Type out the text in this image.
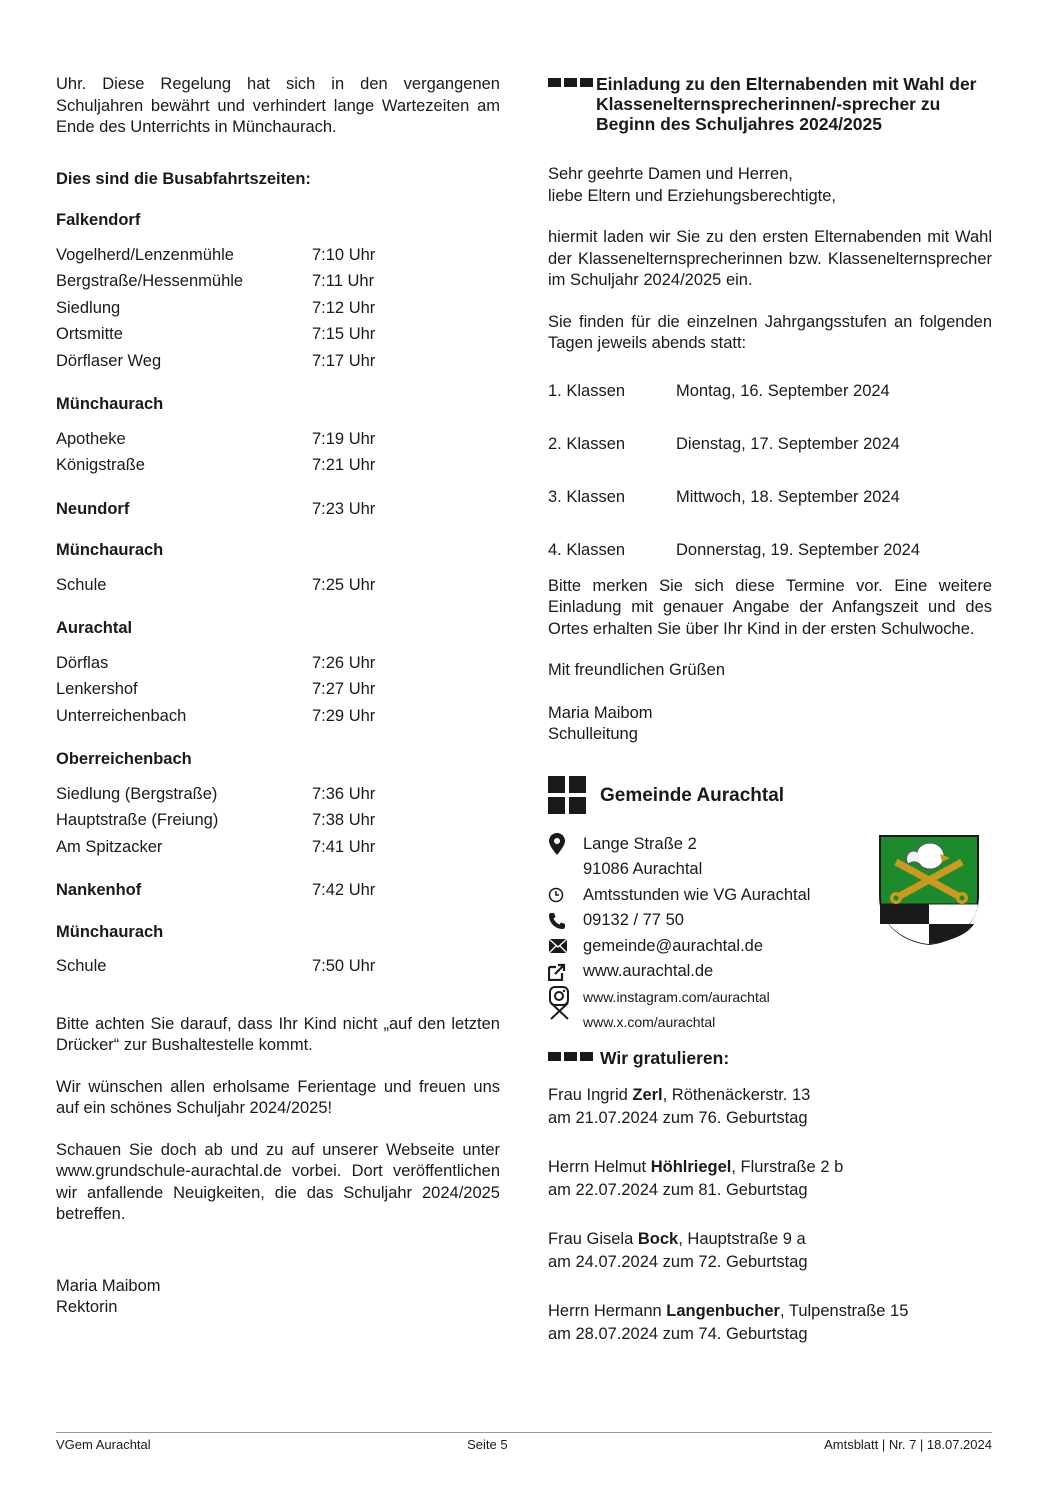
Uhr. Diese Regelung hat sich in den vergangenen Schuljahren bewährt und verhindert lange Wartezeiten am Ende des Unterrichts in Münchaurach.

Dies sind die Busabfahrtszeiten:

Falkendorf
Vogelherd/Lenzenmühle	7:10 Uhr
Bergstraße/Hessenmühle	7:11 Uhr
Siedlung	7:12 Uhr
Ortsmitte	7:15 Uhr
Dörflaser Weg	7:17 Uhr
Münchaurach
Apotheke	7:19 Uhr
Königstraße	7:21 Uhr
Neundorf	7:23 Uhr
Münchaurach
Schule	7:25 Uhr
Aurachtal
Dörflas	7:26 Uhr
Lenkershof	7:27 Uhr
Unterreichenbach	7:29 Uhr
Oberreichenbach
Siedlung (Bergstraße)	7:36 Uhr
Hauptstraße (Freiung)	7:38 Uhr
Am Spitzacker	7:41 Uhr
Nankenhof	7:42 Uhr
Münchaurach
Schule	7:50 Uhr

Bitte achten Sie darauf, dass Ihr Kind nicht „auf den letzten Drücker“ zur Bushaltestelle kommt.

Wir wünschen allen erholsame Ferientage und freuen uns auf ein schönes Schuljahr 2024/2025!

Schauen Sie doch ab und zu auf unserer Webseite unter www.grundschule-aurachtal.de vorbei. Dort veröffentlichen wir anfallende Neuigkeiten, die das Schuljahr 2024/2025 betreffen.

Maria Maibom

Rektorin

Einladung zu den Elternabenden mit Wahl der Klassenelternsprecherinnen/-sprecher zu Beginn des Schuljahres 2024/2025

Sehr geehrte Damen und Herren,

liebe Eltern und Erziehungsberechtigte,

hiermit laden wir Sie zu den ersten Elternabenden mit Wahl der Klassenelternsprecherinnen bzw. Klassenelternsprecher im Schuljahr 2024/2025 ein.

Sie finden für die einzelnen Jahrgangsstufen an folgenden Tagen jeweils abends statt:

1. Klassen	Montag, 16. September 2024
2. Klassen	Dienstag, 17. September 2024
3. Klassen	Mittwoch, 18. September 2024
4. Klassen	Donnerstag, 19. September 2024

Bitte merken Sie sich diese Termine vor. Eine weitere Einladung mit genauer Angabe der Anfangszeit und des Ortes erhalten Sie über Ihr Kind in der ersten Schulwoche.

Mit freundlichen Grüßen

Maria Maibom

Schulleitung

Gemeinde Aurachtal
Lange Straße 2
91086 Aurachtal
Amtsstunden wie VG Aurachtal
09132 / 77 50
gemeinde@aurachtal.de
www.aurachtal.de
www.instagram.com/aurachtal
www.x.com/aurachtal
Wir gratulieren:

Frau Ingrid Zerl, Röthenäckerstr. 13
am 21.07.2024 zum 76. Geburtstag

Herrn Helmut Höhlriegel, Flurstraße 2 b
am 22.07.2024 zum 81. Geburtstag

Frau Gisela Bock, Hauptstraße 9 a
am 24.07.2024 zum 72. Geburtstag

Herrn Hermann Langenbucher, Tulpenstraße 15
am 28.07.2024 zum 74. Geburtstag

VGem Aurachtal	Seite 5	Amtsblatt | Nr. 7 | 18.07.2024
